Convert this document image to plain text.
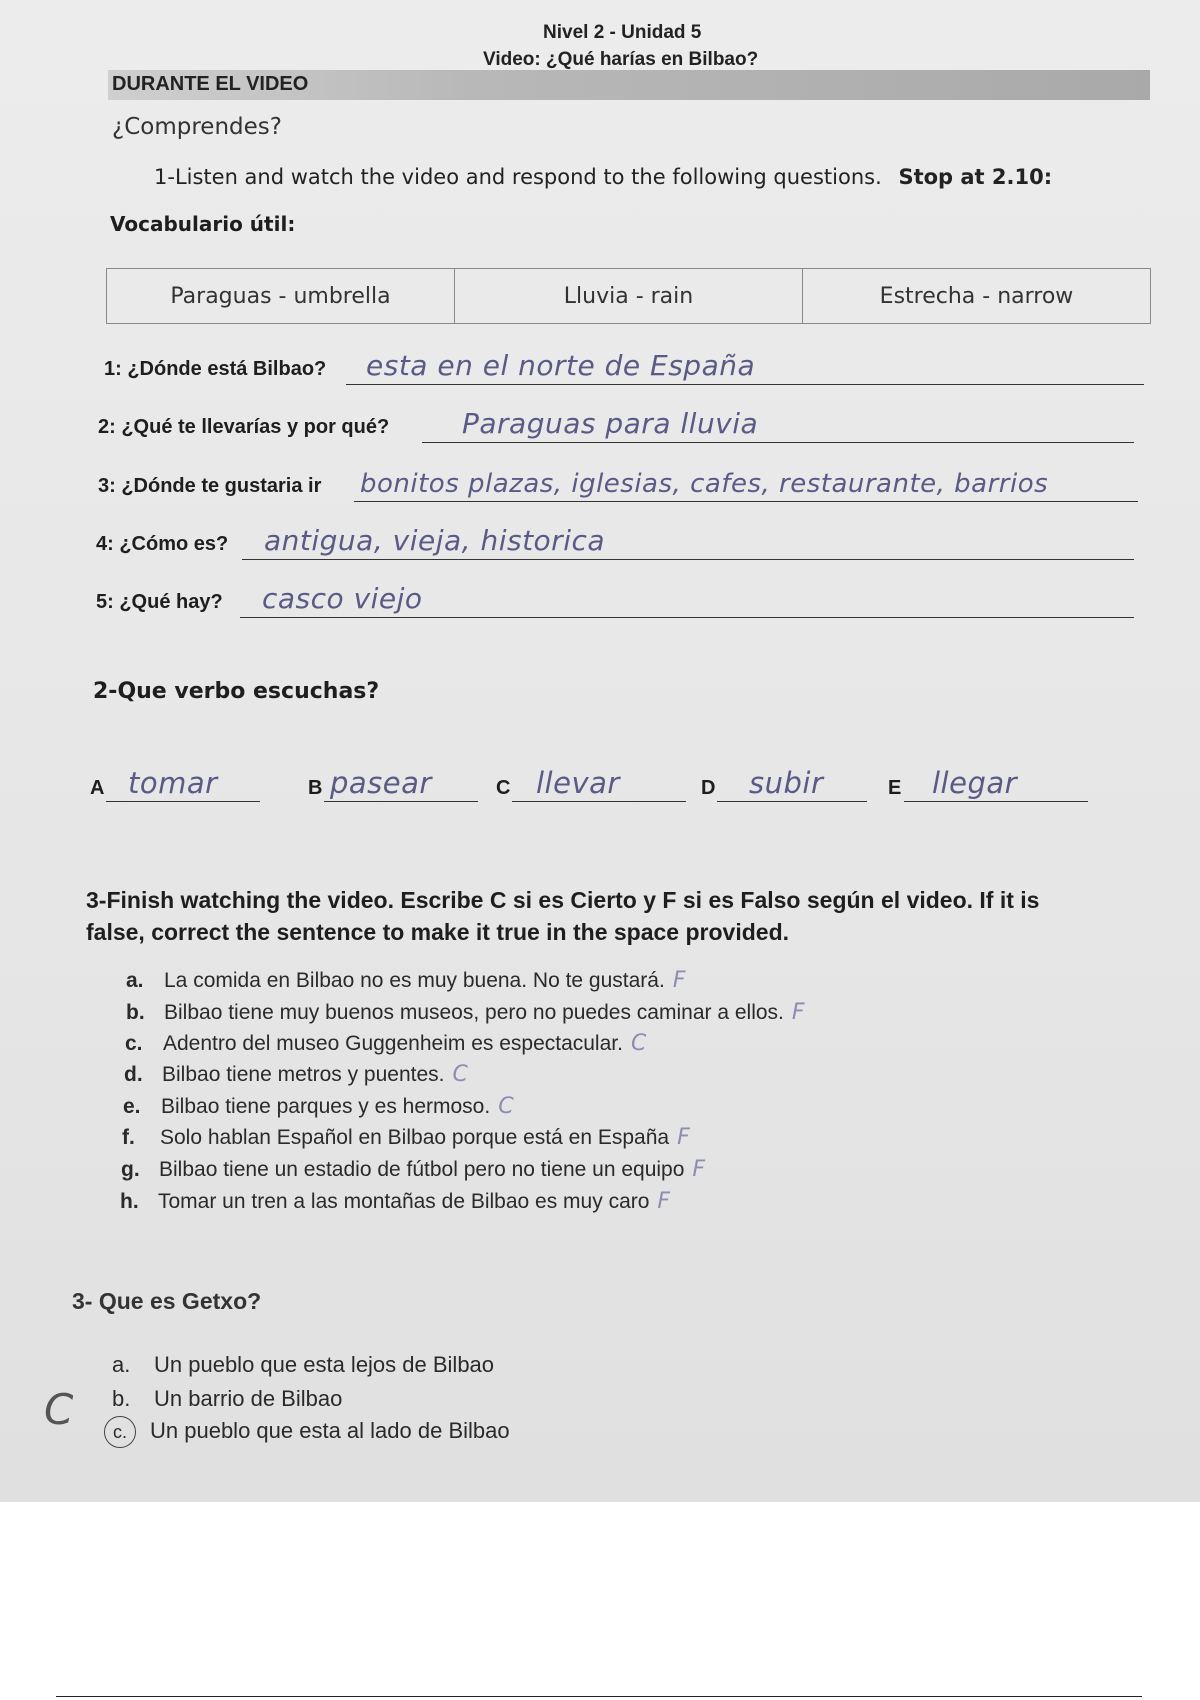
Nivel 2 - Unidad 5
Video: ¿Qué harías en Bilbao?
DURANTE EL VIDEO
¿Comprendes?
1-Listen and watch the video and respond to the following questions. Stop at 2.10:
Vocabulario útil:
Paraguas - umbrella	Lluvia - rain	Estrecha - narrow
1: ¿Dónde está Bilbao? esta en el norte de España
2: ¿Qué te llevarías y por qué?	Paraguas para lluvia
3: ¿Dónde te gustaria ir bonitos plazas, iglesias, cafes, restaurante, barrios
4: ¿Cómo es? antigua, vieja, historica
5: ¿Qué hay? casco viejo
2-Que verbo escuchas?
A tomar	B pasear	C llevar	D subir	E llegar
3-Finish watching the video. Escribe C si es Cierto y F si es Falso según el video. If it is
false, correct the sentence to make it true in the space provided.
a. La comida en Bilbao no es muy buena. No te gustará. F
b. Bilbao tiene muy buenos museos, pero no puedes caminar a ellos. F
c. Adentro del museo Guggenheim es espectacular. C
d. Bilbao tiene metros y puentes. C
e. Bilbao tiene parques y es hermoso. C
f. Solo hablan Español en Bilbao porque está en España F
g. Bilbao tiene un estadio de fútbol pero no tiene un equipo F
h. Tomar un tren a las montañas de Bilbao es muy caro F
3- Que es Getxo?
C
a. Un pueblo que esta lejos de Bilbao
b. Un barrio de Bilbao
c. Un pueblo que esta al lado de Bilbao
